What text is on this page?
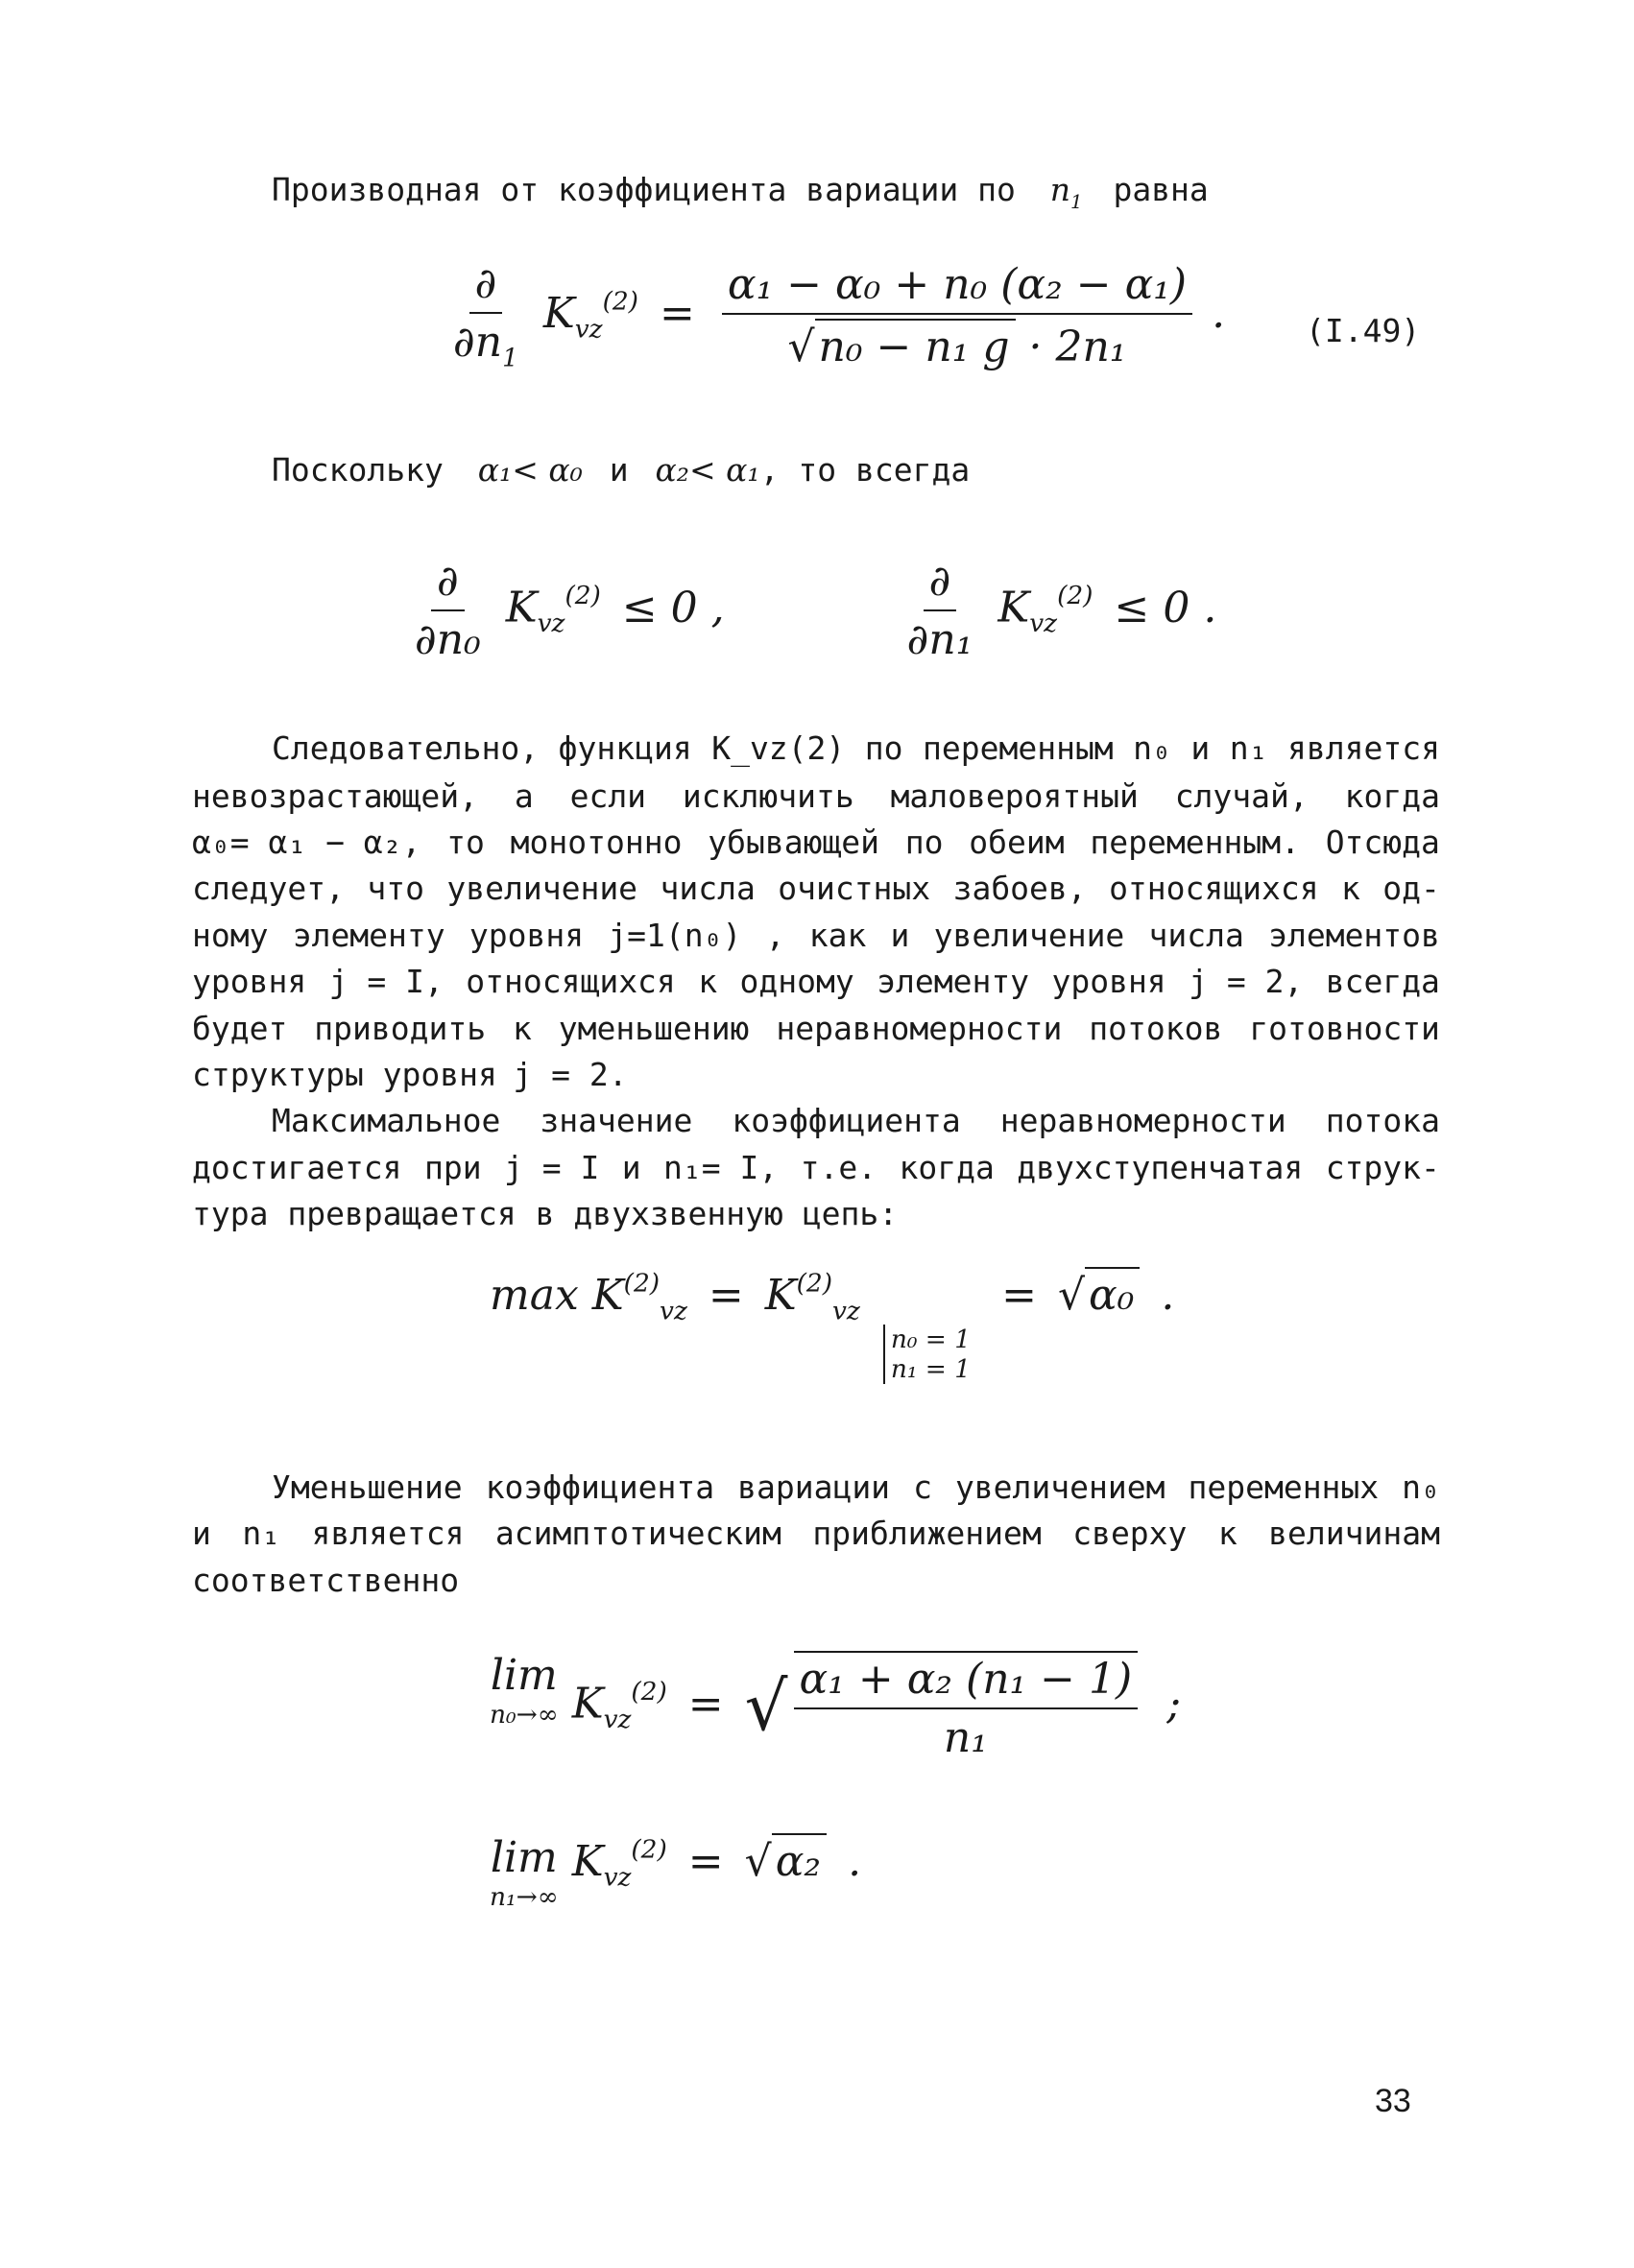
Производная от коэффициента вариации по $n_1$ равна
$\frac{\partial}{\partial n_1} K_{vz}^{(2)} = \frac{\text{α₁ − α₀ + n₀ (α₂ − α₁)}}{\text{√n₀ − n₁ g · 2n₁}}$ .	(I.49)
Поскольку α₁< α₀ и α₂< α₁, то всегда
$\frac{\partial}{\text{∂n₀}} K_{vz}^{(2)} \le 0$ ,	$\frac{\partial}{\text{∂n₁}} K_{vz}^{(2)} \le 0$ .
Следовательно, функция K_vz(2) по переменным n₀ и n₁ является
невозрастающей, а если исключить маловероятный случай, когда
α₀= α₁ − α₂, то монотонно убывающей по обеим переменным. Отсюда
следует, что увеличение числа очистных забоев, относящихся к од-
ному элементу уровня j=1(n₀) , как и увеличение числа элементов
уровня j = I, относящихся к одному элементу уровня j = 2, всегда
будет приводить к уменьшению неравномерности потоков готовности
структуры уровня j = 2.
Максимальное значение коэффициента неравномерности потока
достигается при j = I и n₁= I, т.е. когда двухступенчатая струк-
тура превращается в двухзвенную цепь:
$\max K^{(2)}_{vz} = K^{(2)}_{vz}$
n₀ = 1
n₁ = 1
= √α₀ .
Уменьшение коэффициента вариации с увеличением переменных n₀
и n₁ является асимптотическим приближением сверху к величинам
соответственно
lim
n₀→∞ $K_{vz}^{(2)}$ = √ $\frac{\text{α₁ + α₂ (n₁ − 1)}}{\text{n₁}}$ ;
lim
n₁→∞
$K_{vz}^{(2)} = √\alpha_2$ .
33
